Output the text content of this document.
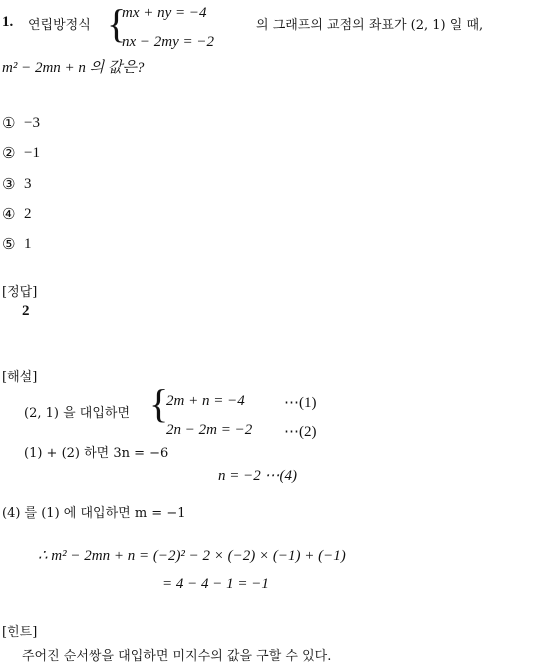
1. 연립방정식 {
mx + ny = −4
nx − 2my = −2
의 그래프의 교점의 좌표가 (2, 1) 일 때,
m² − 2mn + n 의 값은?
① −3
② −1
③ 3
④ 2
⑤ 1
[정답]
2
[해설]
(2, 1) 을 대입하면 {
2m + n = −4	⋯(1)
2n − 2m = −2 ⋯(2)
(1) + (2) 하면 3n = −6
n = −2 ⋯(4)
(4) 를 (1) 에 대입하면 m = −1
∴ m² − 2mn + n = (−2)² − 2 × (−2) × (−1) + (−1)
= 4 − 4 − 1 = −1
[힌트]
주어진 순서쌍을 대입하면 미지수의 값을 구할 수 있다.
